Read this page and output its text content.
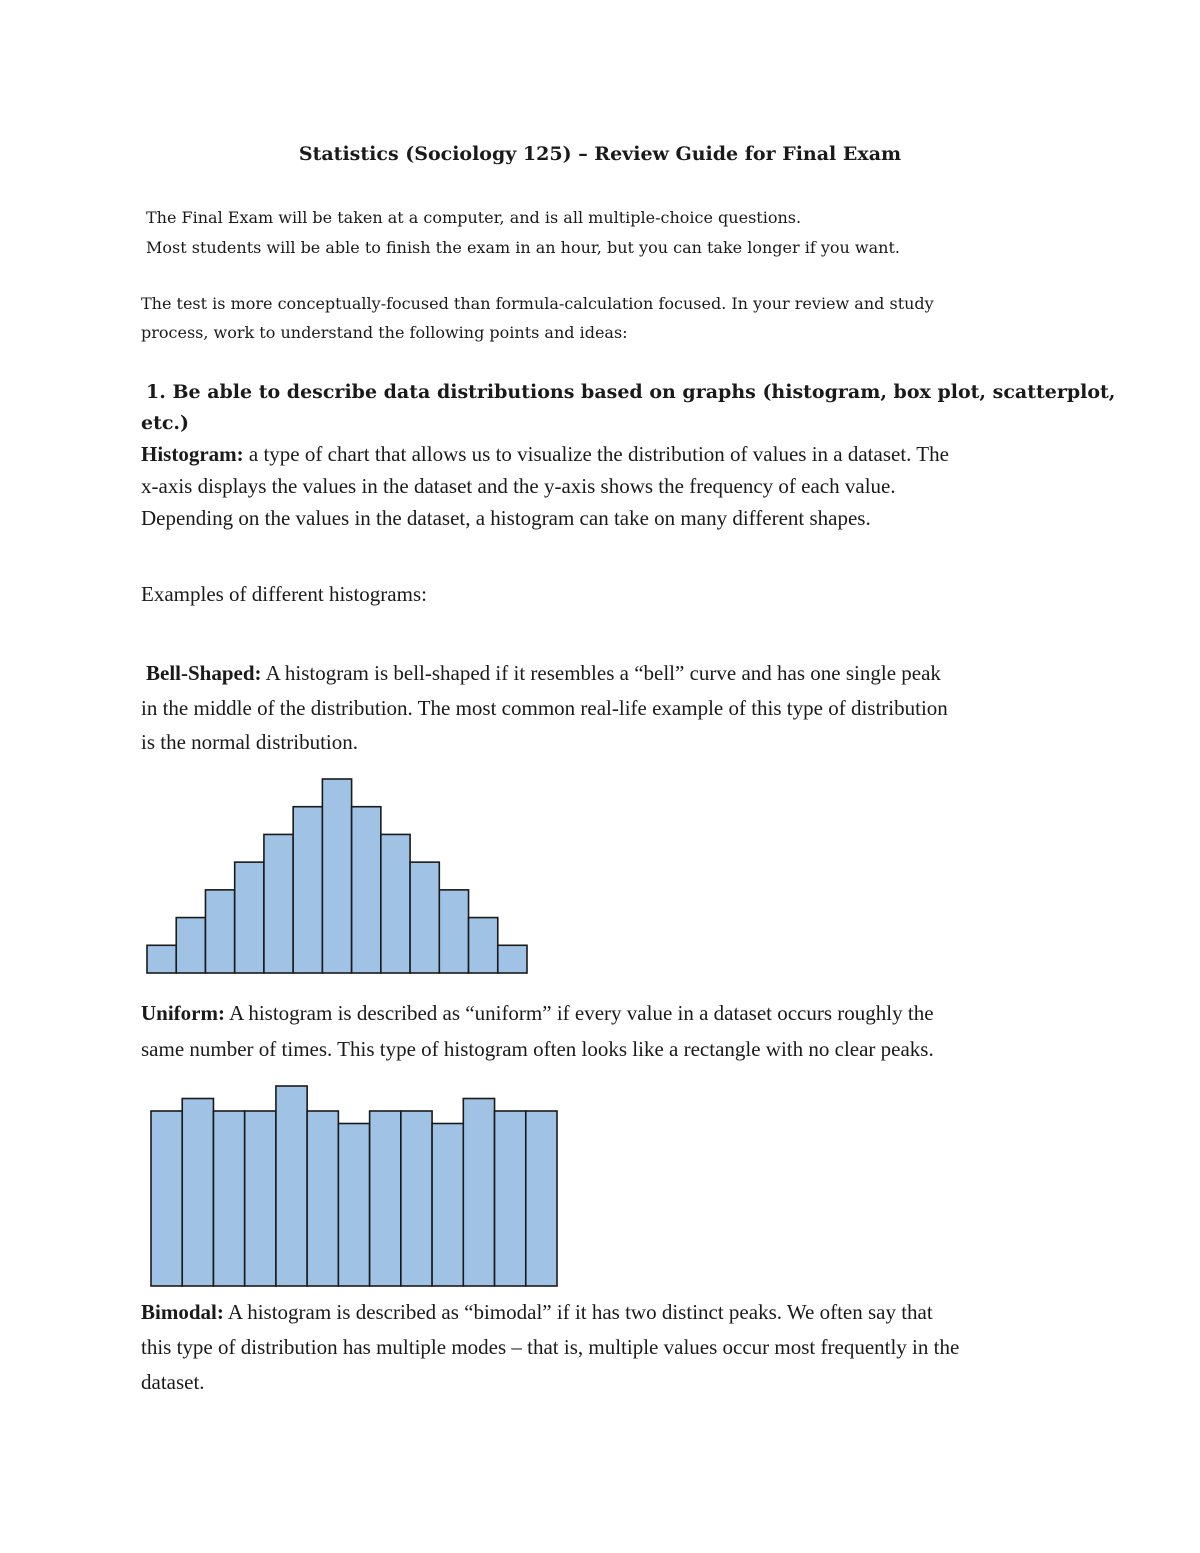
Statistics (Sociology 125) – Review Guide for Final Exam
The Final Exam will be taken at a computer, and is all multiple-choice questions.
Most students will be able to finish the exam in an hour, but you can take longer if you want.
The test is more conceptually-focused than formula-calculation focused. In your review and study
process, work to understand the following points and ideas:
1. Be able to describe data distributions based on graphs (histogram, box plot, scatterplot,
etc.)
Histogram: a type of chart that allows us to visualize the distribution of values in a dataset. The
x-axis displays the values in the dataset and the y-axis shows the frequency of each value.
Depending on the values in the dataset, a histogram can take on many different shapes.
Examples of different histograms:
Bell-Shaped: A histogram is bell-shaped if it resembles a “bell” curve and has one single peak
in the middle of the distribution. The most common real-life example of this type of distribution
is the normal distribution.
Uniform: A histogram is described as “uniform” if every value in a dataset occurs roughly the
same number of times. This type of histogram often looks like a rectangle with no clear peaks.
Bimodal: A histogram is described as “bimodal” if it has two distinct peaks. We often say that
this type of distribution has multiple modes – that is, multiple values occur most frequently in the
dataset.
